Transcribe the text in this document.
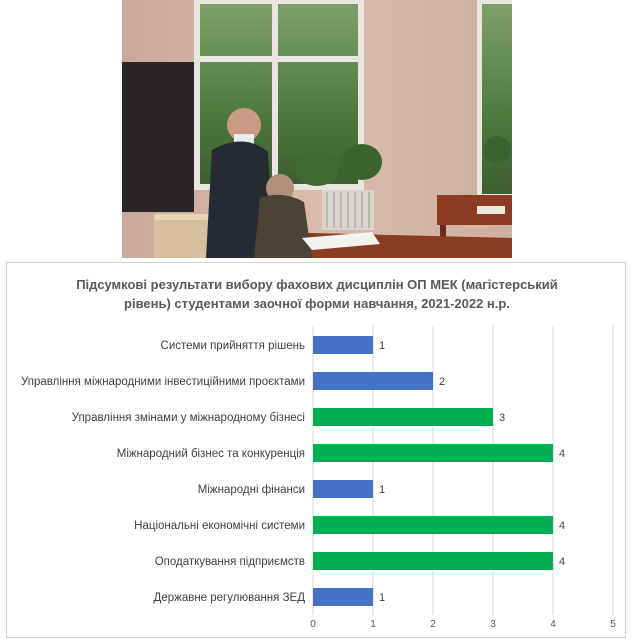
Підсумкові результати вибору фахових дисциплін ОП МЕК (магістерський
рівень) студентами заочної форми навчання, 2021-2022 н.р.
Системи прийняття рішень
Управління міжнародними інвестиційними проєктами
Управління змінами у міжнародному бізнесі
Міжнародний бізнес та конкуренція
Міжнародні фінанси
Національні економічні системи
Оподаткування підприємств
Державне регулювання ЗЕД
1
2
3
4
1
4
4
1
0	1	2	3	4	5
